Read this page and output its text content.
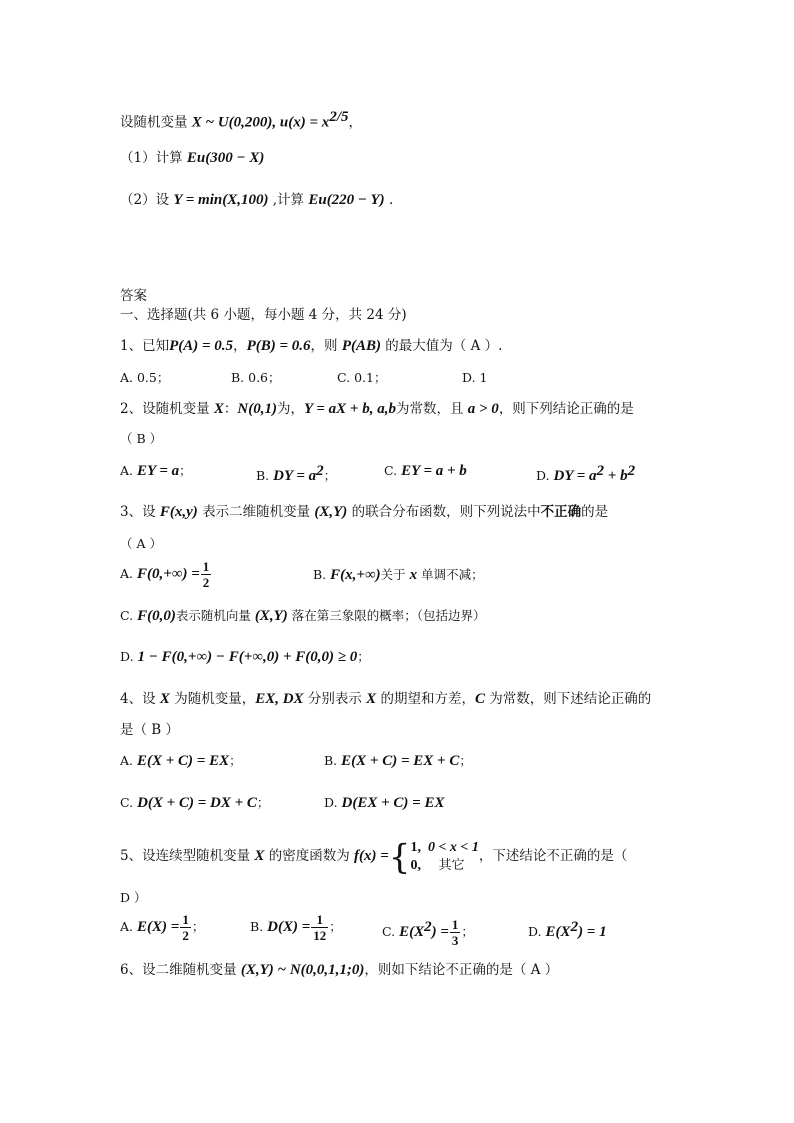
设随机变量 X ~ U(0,200), $u(x) = x^{2/5}$，
（1）计算 Eu(300 − X)
（2）设 Y = min(X,100) ,计算 Eu(220 − Y) .
答案
一、选择题(共 6 小题，每小题 4 分，共 24 分)
1、已知P(A) = 0.5，P(B) = 0.6，则 P(AB) 的最大值为（ A ）.
A. 0.5；	B. 0.6；	C. 0.1；	D. 1
2、设随机变量 X：N(0,1)为，Y = aX + b, a,b为常数，且 a > 0，则下列结论正确的是
（ B ）
A. EY = a；	B. DY = $a^2$；	C. EY = a + b	D. DY = $a^2 + b^2$
3、设 F(x,y) 表示二维随机变量 (X,Y) 的联合分布函数，则下列说法中不正确的是
（ A ）
A. $F(0,+\infty) = \frac{1}{2}$	B. F(x,+∞)关于 x 单调不减；
C. F(0,0)表示随机向量 (X,Y) 落在第三象限的概率；（包括边界）
D. 1 − F(0,+∞) − F(+∞,0) + F(0,0) ≥ 0；
4、设 X 为随机变量，EX, DX 分别表示 X 的期望和方差，C 为常数，则下述结论正确的
是（ B ）
A. E(X + C) = EX；	B. E(X + C) = EX + C；
C. D(X + C) = DX + C；	D. D(EX + C) = EX
5、设连续型随机变量 X 的密度函数为 f(x) ={ 1, 0 < x < 1
0, 其它
，下述结论不正确的是（
D ）
A. $E(X) = \frac{1}{2}$ ；	B. $D(X) = \frac{1}{12}$ ；	C. $E(X^2) = \frac{1}{3}$ ；	D. $E(X^2) = 1$
6、设二维随机变量 (X,Y) ~ N(0,0,1,1;0)，则如下结论不正确的是（ A ）
